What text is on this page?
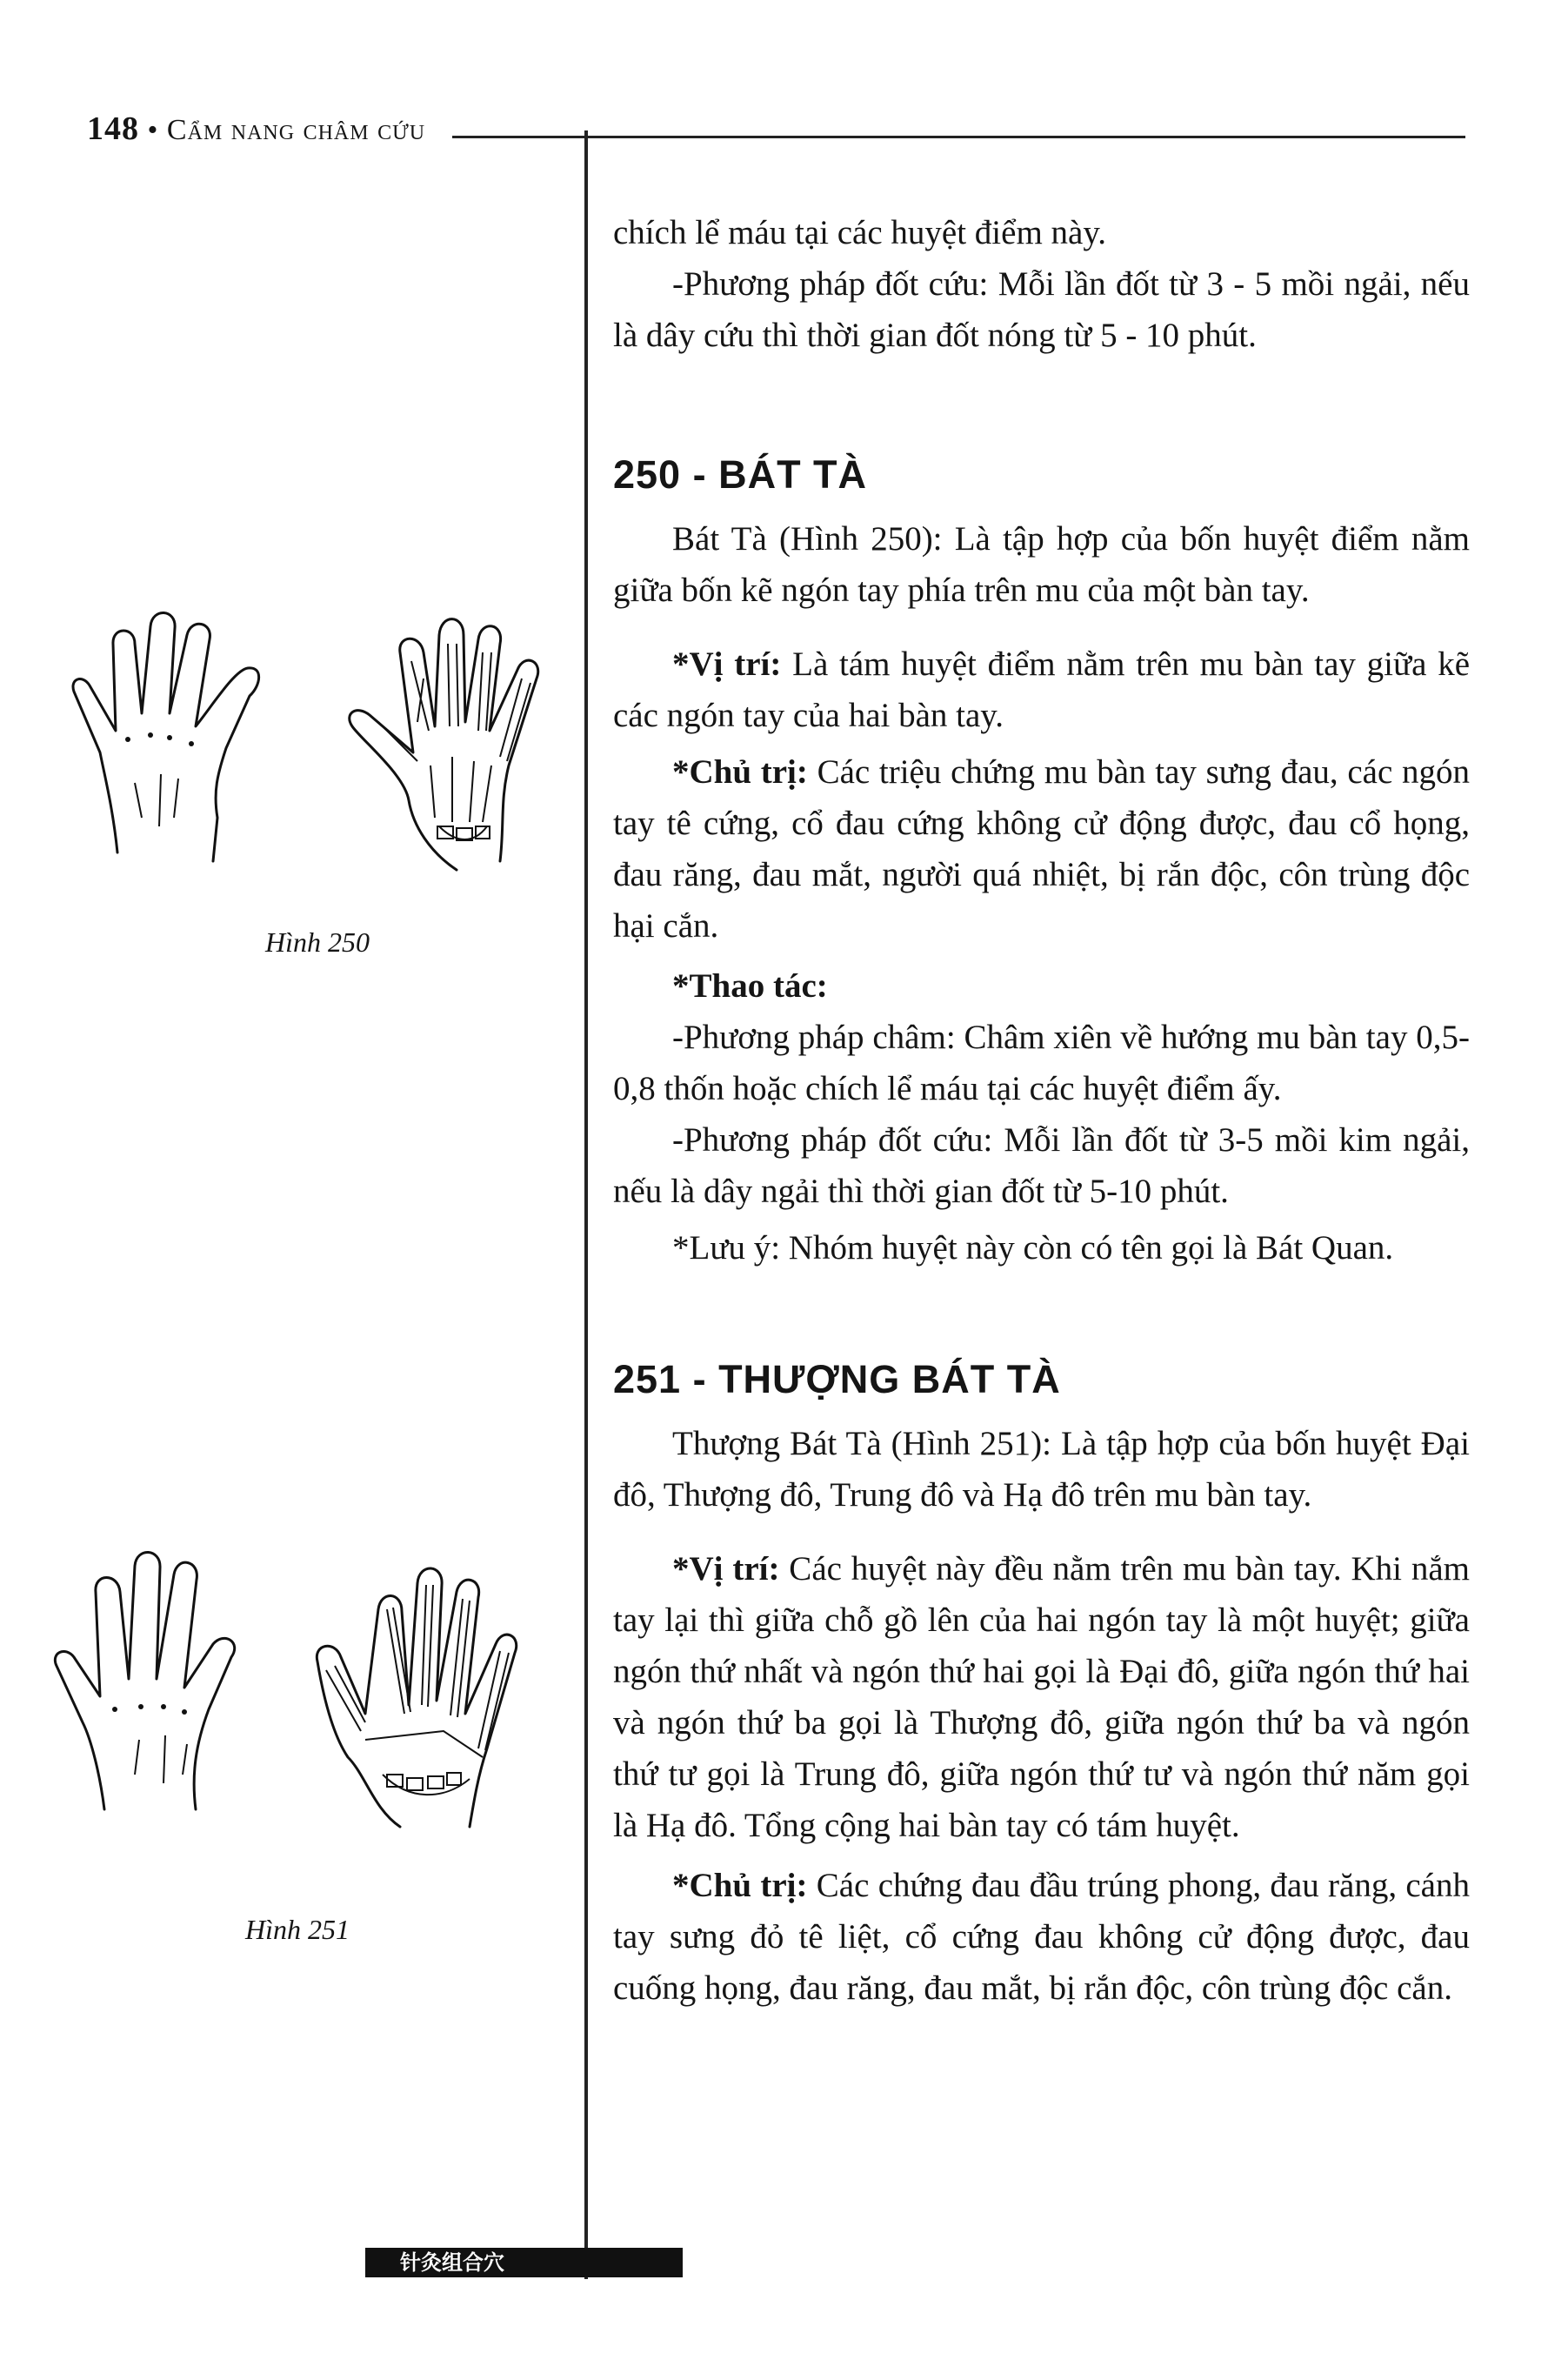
148 • Cẩm nang châm cứu

chích lể máu tại các huyệt điểm này.

-Phương pháp đốt cứu: Mỗi lần đốt từ 3 - 5 mồi ngải, nếu là dây cứu thì thời gian đốt nóng từ 5 - 10 phút.

250 - BÁT TÀ

Bát Tà (Hình 250): Là tập hợp của bốn huyệt điểm nằm giữa bốn kẽ ngón tay phía trên mu của một bàn tay.

*Vị trí: Là tám huyệt điểm nằm trên mu bàn tay giữa kẽ các ngón tay của hai bàn tay.

*Chủ trị: Các triệu chứng mu bàn tay sưng đau, các ngón tay tê cứng, cổ đau cứng không cử động được, đau cổ họng, đau răng, đau mắt, người quá nhiệt, bị rắn độc, côn trùng độc hại cắn.

*Thao tác:

-Phương pháp châm: Châm xiên về hướng mu bàn tay 0,5-0,8 thốn hoặc chích lể máu tại các huyệt điểm ấy.

-Phương pháp đốt cứu: Mỗi lần đốt từ 3-5 mồi kim ngải, nếu là dây ngải thì thời gian đốt từ 5-10 phút.

*Lưu ý: Nhóm huyệt này còn có tên gọi là Bát Quan.

251 - THƯỢNG BÁT TÀ

Thượng Bát Tà (Hình 251): Là tập hợp của bốn huyệt Đại đô, Thượng đô, Trung đô và Hạ đô trên mu bàn tay.

*Vị trí: Các huyệt này đều nằm trên mu bàn tay. Khi nắm tay lại thì giữa chỗ gồ lên của hai ngón tay là một huyệt; giữa ngón thứ nhất và ngón thứ hai gọi là Đại đô, giữa ngón thứ hai và ngón thứ ba gọi là Thượng đô, giữa ngón thứ ba và ngón thứ tư gọi là Trung đô, giữa ngón thứ tư và ngón thứ năm gọi là Hạ đô. Tổng cộng hai bàn tay có tám huyệt.

*Chủ trị: Các chứng đau đầu trúng phong, đau răng, cánh tay sưng đỏ tê liệt, cổ cứng đau không cử động được, đau cuống họng, đau răng, đau mắt, bị rắn độc, côn trùng độc cắn.

Hình 250
Hình 251
针灸组合穴
